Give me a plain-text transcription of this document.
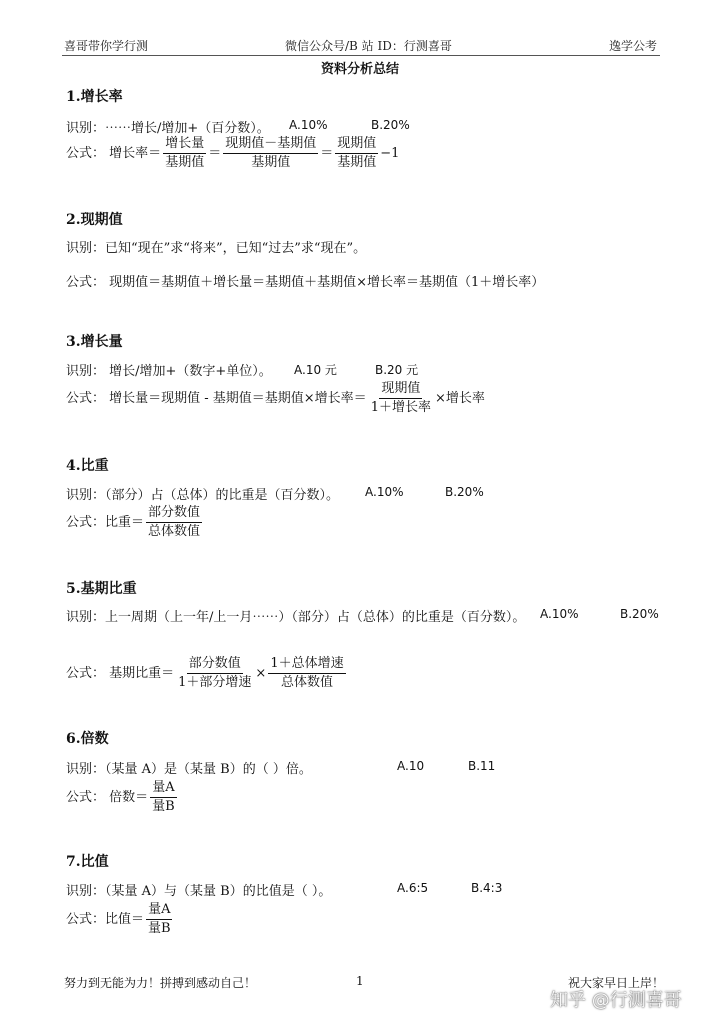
喜哥带你学行测	微信公众号/B 站 ID：行测喜哥	逸学公考
资料分析总结
1.增长率
识别：⋯⋯增长/增加+（百分数）。 A.10%	B.20%
公式： 增长率＝ $\frac{\text{增长量}}{\text{基期值}} = \frac{\text{现期值－基期值}}{\text{基期值}} = \frac{\text{现期值}}{\text{基期值}} -1$
2.现期值
识别：已知“现在”求“将来”，已知“过去”求“现在”。
公式： 现期值＝基期值＋增长量＝基期值＋基期值×增长率＝基期值（1＋增长率）
3.增长量
识别： 增长/增加+（数字+单位）。 A.10 元	B.20 元
公式： 增长量＝现期值 - 基期值＝基期值×增长率＝ $\frac{\text{现期值}}{\text{1＋增长率}}$ ×增长率
4.比重
识别：（部分）占（总体）的比重是（百分数）。 A.10%	B.20%
公式：比重＝ $\frac{\text{部分数值}}{\text{总体数值}}$
5.基期比重
识别：上一周期（上一年/上一月⋯⋯）（部分）占（总体）的比重是（百分数）。 A.10%	B.20%
公式： 基期比重＝ $\frac{\text{部分数值}}{\text{1＋部分增速}} \times \frac{\text{1＋总体增速}}{\text{总体数值}}$
6.倍数
识别：（某量 A）是（某量 B）的（ ）倍。	A.10	B.11
公式： 倍数＝ $\frac{\text{量A}}{\text{量B}}$
7.比值
识别：（某量 A）与（某量 B）的比值是（ ）。	A.6:5	B.4:3
公式：比值＝ $\frac{\text{量A}}{\text{量B}}$
努力到无能为力！拼搏到感动自己！	1	祝大家早日上岸！
知乎 @行测喜哥
